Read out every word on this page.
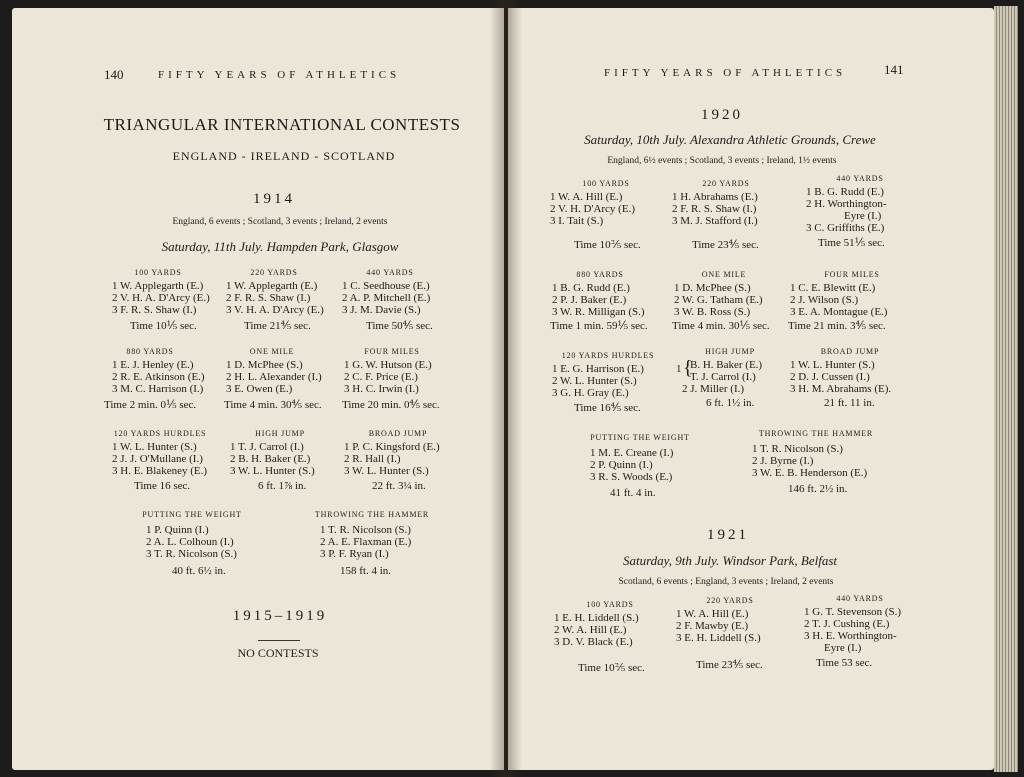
140	FIFTY YEARS OF ATHLETICS
TRIANGULAR INTERNATIONAL CONTESTS
ENGLAND - IRELAND - SCOTLAND
1914
England, 6 events ; Scotland, 3 events ; Ireland, 2 events
Saturday, 11th July. Hampden Park, Glasgow
100 YARDS
1 W. Applegarth (E.)
2 V. H. A. D'Arcy (E.)
3 F. R. S. Shaw (I.)
Time 10⅕ sec.
220 YARDS
1 W. Applegarth (E.)
2 F. R. S. Shaw (I.)
3 V. H. A. D'Arcy (E.)
Time 21⅘ sec.
440 YARDS
1 C. Seedhouse (E.)
2 A. P. Mitchell (E.)
3 J. M. Davie (S.)
Time 50⅘ sec.
880 YARDS
1 E. J. Henley (E.)
2 R. E. Atkinson (E.)
3 M. C. Harrison (I.)
Time 2 min. 0⅕ sec.
ONE MILE
1 D. McPhee (S.)
2 H. L. Alexander (I.)
3 E. Owen (E.)
Time 4 min. 30⅘ sec.
FOUR MILES
1 G. W. Hutson (E.)
2 C. F. Price (E.)
3 H. C. Irwin (I.)
Time 20 min. 0⅘ sec.
120 YARDS HURDLES
1 W. L. Hunter (S.)
2 J. J. O'Mullane (I.)
3 H. E. Blakeney (E.)
Time 16 sec.
HIGH JUMP
1 T. J. Carrol (I.)
2 B. H. Baker (E.)
3 W. L. Hunter (S.)
6 ft. 1⅞ in.
BROAD JUMP
1 P. C. Kingsford (E.)
2 R. Hall (I.)
3 W. L. Hunter (S.)
22 ft. 3¼ in.
PUTTING THE WEIGHT
1 P. Quinn (I.)
2 A. L. Colhoun (I.)
3 T. R. Nicolson (S.)
40 ft. 6½ in.
THROWING THE HAMMER
1 T. R. Nicolson (S.)
2 A. E. Flaxman (E.)
3 P. F. Ryan (I.)
158 ft. 4 in.
1915–1919
NO CONTESTS
FIFTY YEARS OF ATHLETICS	141
1920
Saturday, 10th July. Alexandra Athletic Grounds, Crewe
England, 6½ events ; Scotland, 3 events ; Ireland, 1½ events
100 YARDS
1 W. A. Hill (E.)
2 V. H. D'Arcy (E.)
3 I. Tait (S.)
Time 10⅖ sec.
220 YARDS
1 H. Abrahams (E.)
2 F. R. S. Shaw (I.)
3 M. J. Stafford (I.)
Time 23⅘ sec.
440 YARDS
1 B. G. Rudd (E.)
2 H. Worthington-
Eyre (I.)
3 C. Griffiths (E.)
Time 51⅕ sec.
880 YARDS
1 B. G. Rudd (E.)
2 P. J. Baker (E.)
3 W. R. Milligan (S.)
Time 1 min. 59⅕ sec.
ONE MILE
1 D. McPhee (S.)
2 W. G. Tatham (E.)
3 W. B. Ross (S.)
Time 4 min. 30⅕ sec.
FOUR MILES
1 C. E. Blewitt (E.)
2 J. Wilson (S.)
3 E. A. Montague (E.)
Time 21 min. 3⅘ sec.
120 YARDS HURDLES
1 E. G. Harrison (E.)
2 W. L. Hunter (S.)
3 G. H. Gray (E.)
Time 16⅘ sec.
HIGH JUMP
1 {
B. H. Baker (E.)
T. J. Carrol (I.)
2 J. Miller (I.)
6 ft. 1½ in.
BROAD JUMP
1 W. L. Hunter (S.)
2 D. J. Cussen (I.)
3 H. M. Abrahams (E).
21 ft. 11 in.
PUTTING THE WEIGHT
1 M. E. Creane (I.)
2 P. Quinn (I.)
3 R. S. Woods (E.)
41 ft. 4 in.
THROWING THE HAMMER
1 T. R. Nicolson (S.)
2 J. Byrne (I.)
3 W. E. B. Henderson (E.)
146 ft. 2½ in.
1921
Saturday, 9th July. Windsor Park, Belfast
Scotland, 6 events ; England, 3 events ; Ireland, 2 events
100 YARDS
1 E. H. Liddell (S.)
2 W. A. Hill (E.)
3 D. V. Black (E.)
Time 10⅖ sec.
220 YARDS
1 W. A. Hill (E.)
2 F. Mawby (E.)
3 E. H. Liddell (S.)
Time 23⅘ sec.
440 YARDS
1 G. T. Stevenson (S.)
2 T. J. Cushing (E.)
3 H. E. Worthington-
Eyre (I.)
Time 53 sec.
